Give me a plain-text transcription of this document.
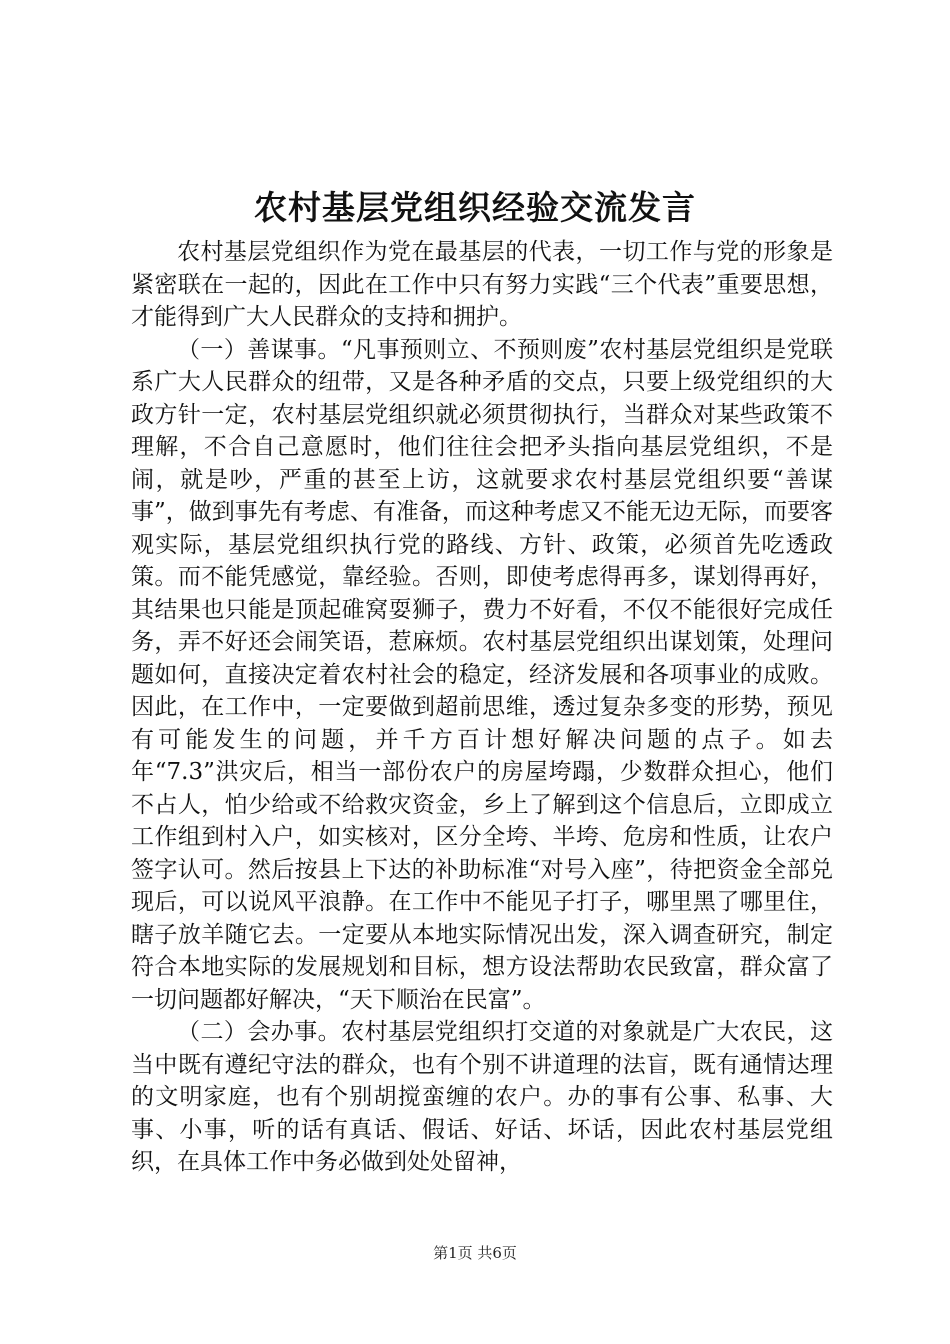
农村基层党组织经验交流发言

农村基层党组织作为党在最基层的代表，一切工作与党的形象是紧密联在一起的，因此在工作中只有努力实践“三个代表”重要思想，才能得到广大人民群众的支持和拥护。

（一）善谋事。“凡事预则立、不预则废”农村基层党组织是党联系广大人民群众的纽带，又是各种矛盾的交点，只要上级党组织的大政方针一定，农村基层党组织就必须贯彻执行，当群众对某些政策不理解，不合自己意愿时，他们往往会把矛头指向基层党组织，不是闹，就是吵，严重的甚至上访，这就要求农村基层党组织要“善谋事”，做到事先有考虑、有准备，而这种考虑又不能无边无际，而要客观实际，基层党组织执行党的路线、方针、政策，必须首先吃透政策。而不能凭感觉，靠经验。否则，即使考虑得再多，谋划得再好，其结果也只能是顶起碓窝耍狮子，费力不好看，不仅不能很好完成任务，弄不好还会闹笑语，惹麻烦。农村基层党组织出谋划策，处理问题如何，直接决定着农村社会的稳定，经济发展和各项事业的成败。因此，在工作中，一定要做到超前思维，透过复杂多变的形势，预见有可能发生的问题，并千方百计想好解决问题的点子。如去年“7.3”洪灾后，相当一部份农户的房屋垮蹋，少数群众担心，他们不占人，怕少给或不给救灾资金，乡上了解到这个信息后，立即成立工作组到村入户，如实核对，区分全垮、半垮、危房和性质，让农户签字认可。然后按县上下达的补助标准“对号入座”，待把资金全部兑现后，可以说风平浪静。在工作中不能见子打子，哪里黑了哪里住，瞎子放羊随它去。一定要从本地实际情况出发，深入调查研究，制定符合本地实际的发展规划和目标，想方设法帮助农民致富，群众富了一切问题都好解决，“天下顺治在民富”。

（二）会办事。农村基层党组织打交道的对象就是广大农民，这当中既有遵纪守法的群众，也有个别不讲道理的法盲，既有通情达理的文明家庭，也有个别胡搅蛮缠的农户。办的事有公事、私事、大事、小事，听的话有真话、假话、好话、坏话，因此农村基层党组织，在具体工作中务必做到处处留神，

第1页 共6页
